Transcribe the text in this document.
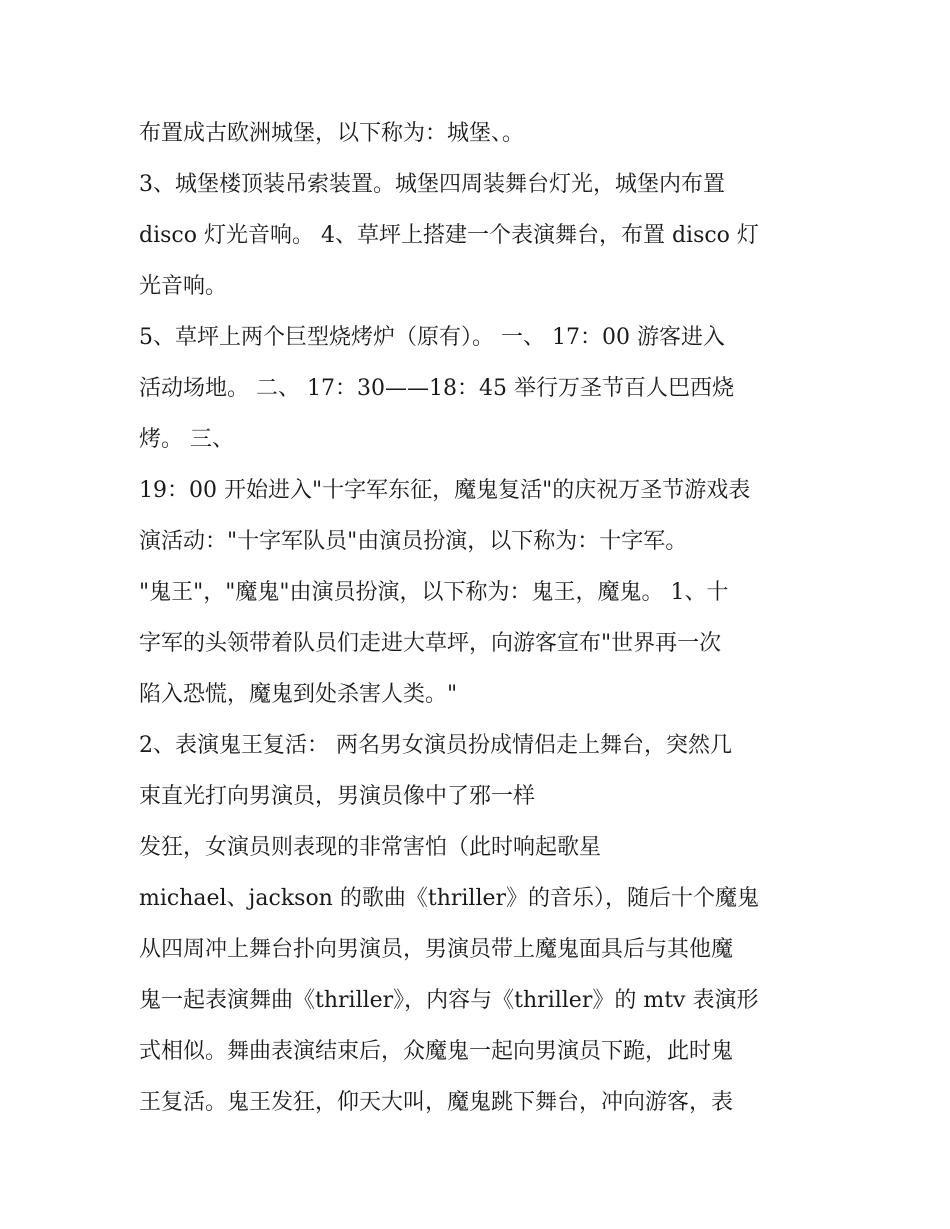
布置成古欧洲城堡，以下称为：城堡、。
3、城堡楼顶装吊索装置。城堡四周装舞台灯光，城堡内布置
disco 灯光音响。 4、草坪上搭建一个表演舞台，布置 disco 灯
光音响。
5、草坪上两个巨型烧烤炉（原有）。 一、 17：00 游客进入
活动场地。 二、 17：30——18：45 举行万圣节百人巴西烧
烤。 三、
19：00 开始进入"十字军东征，魔鬼复活"的庆祝万圣节游戏表
演活动："十字军队员"由演员扮演，以下称为：十字军。
"鬼王"，"魔鬼"由演员扮演，以下称为：鬼王，魔鬼。 1、十
字军的头领带着队员们走进大草坪，向游客宣布"世界再一次
陷入恐慌，魔鬼到处杀害人类。"
2、表演鬼王复活： 两名男女演员扮成情侣走上舞台，突然几
束直光打向男演员，男演员像中了邪一样
发狂，女演员则表现的非常害怕（此时响起歌星
michael、jackson 的歌曲《thriller》的音乐），随后十个魔鬼
从四周冲上舞台扑向男演员，男演员带上魔鬼面具后与其他魔
鬼一起表演舞曲《thriller》，内容与《thriller》的 mtv 表演形
式相似。舞曲表演结束后，众魔鬼一起向男演员下跪，此时鬼
王复活。鬼王发狂，仰天大叫，魔鬼跳下舞台，冲向游客，表
